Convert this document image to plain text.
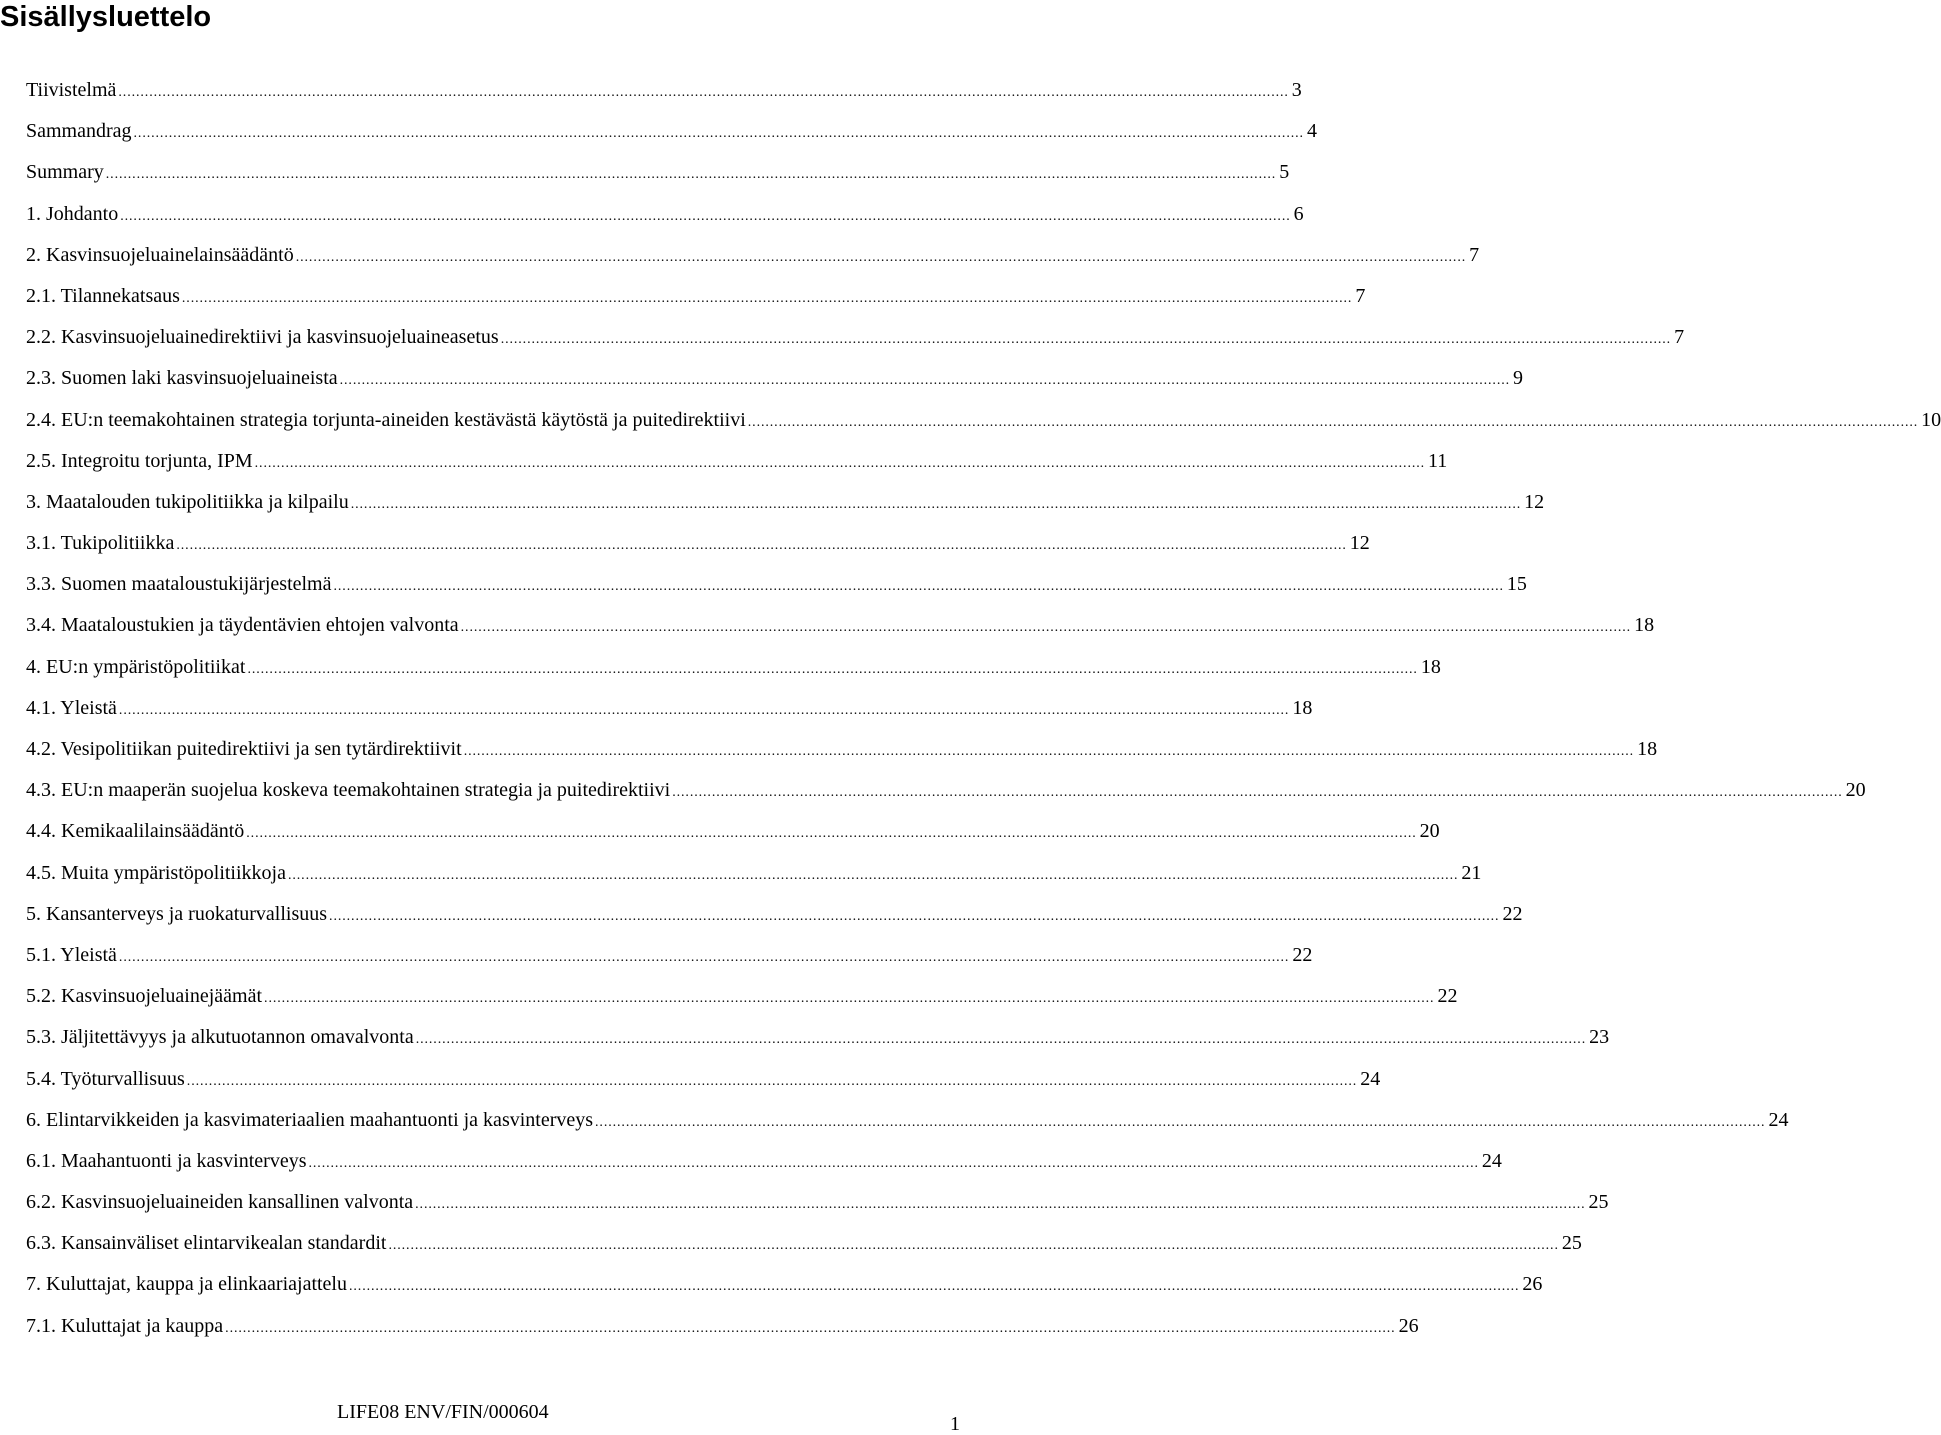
Sisällysluettelo
Tiivistelmä .....	3
Sammandrag .....	4
Summary .....	5
1. Johdanto .....	6
2. Kasvinsuojeluainelainsäädäntö .....	7
2.1. Tilannekatsaus .....	7
2.2. Kasvinsuojeluainedirektiivi ja kasvinsuojeluaineasetus .....	7
2.3. Suomen laki kasvinsuojeluaineista .....	9
2.4. EU:n teemakohtainen strategia torjunta-aineiden kestävästä käytöstä ja puitedirektiivi .....	10
2.5. Integroitu torjunta, IPM .....	11
3. Maatalouden tukipolitiikka ja kilpailu .....	12
3.1. Tukipolitiikka .....	12
3.3. Suomen maataloustukijärjestelmä .....	15
3.4. Maataloustukien ja täydentävien ehtojen valvonta .....	18
4. EU:n ympäristöpolitiikat .....	18
4.1. Yleistä .....	18
4.2. Vesipolitiikan puitedirektiivi ja sen tytärdirektiivit .....	18
4.3. EU:n maaperän suojelua koskeva teemakohtainen strategia ja puitedirektiivi .....	20
4.4. Kemikaalilainsäädäntö .....	20
4.5. Muita ympäristöpolitiikkoja .....	21
5. Kansanterveys ja ruokaturvallisuus .....	22
5.1. Yleistä .....	22
5.2. Kasvinsuojeluainejäämät .....	22
5.3. Jäljitettävyys ja alkutuotannon omavalvonta .....	23
5.4. Työturvallisuus .....	24
6. Elintarvikkeiden ja kasvimateriaalien maahantuonti ja kasvinterveys .....	24
6.1. Maahantuonti ja kasvinterveys .....	24
6.2. Kasvinsuojeluaineiden kansallinen valvonta .....	25
6.3. Kansainväliset elintarvikealan standardit .....	25
7. Kuluttajat, kauppa ja elinkaariajattelu .....	26
7.1. Kuluttajat ja kauppa .....	26
LIFE08 ENV/FIN/000604
1
